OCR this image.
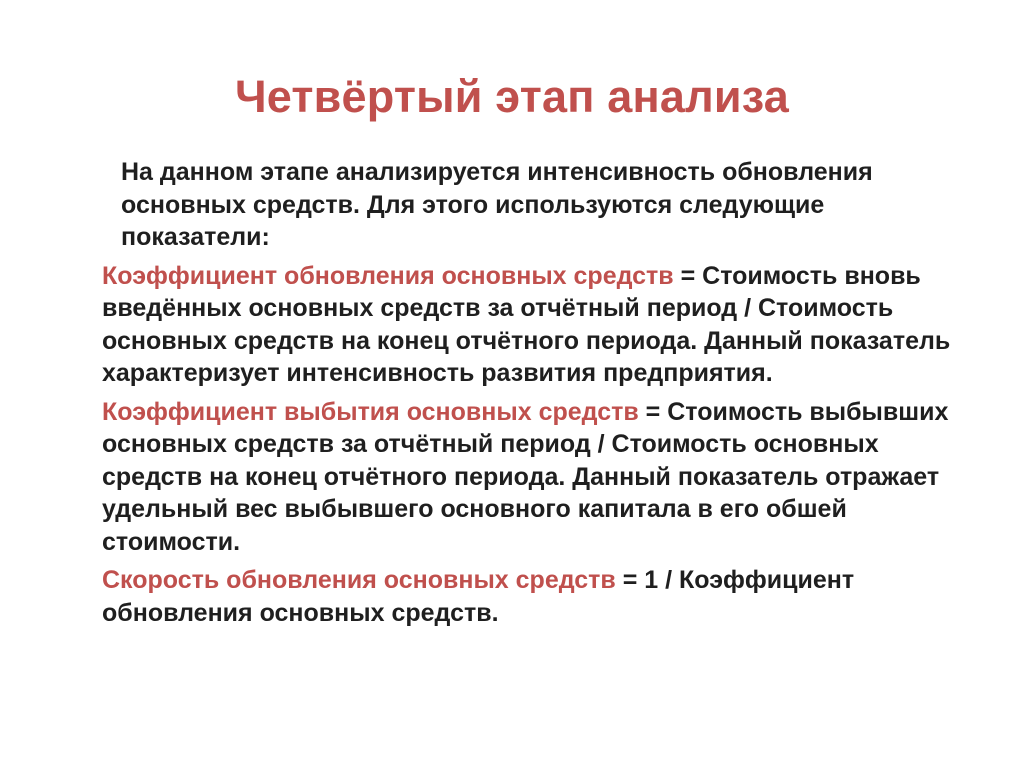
Четвёртый этап анализа

На данном этапе анализируется интенсивность обновления основных средств. Для этого используются следующие показатели:

Коэффициент обновления основных средств = Стоимость вновь введённых основных средств за отчётный период / Стоимость основных средств на конец отчётного периода. Данный показатель характеризует интенсивность развития предприятия.

Коэффициент выбытия основных средств = Стоимость выбывших основных средств за отчётный период / Стоимость основных средств на конец отчётного периода. Данный показатель отражает удельный вес выбывшего основного капитала в его обшей стоимости.

Скорость обновления основных средств = 1 / Коэффициент обновления основных средств.
